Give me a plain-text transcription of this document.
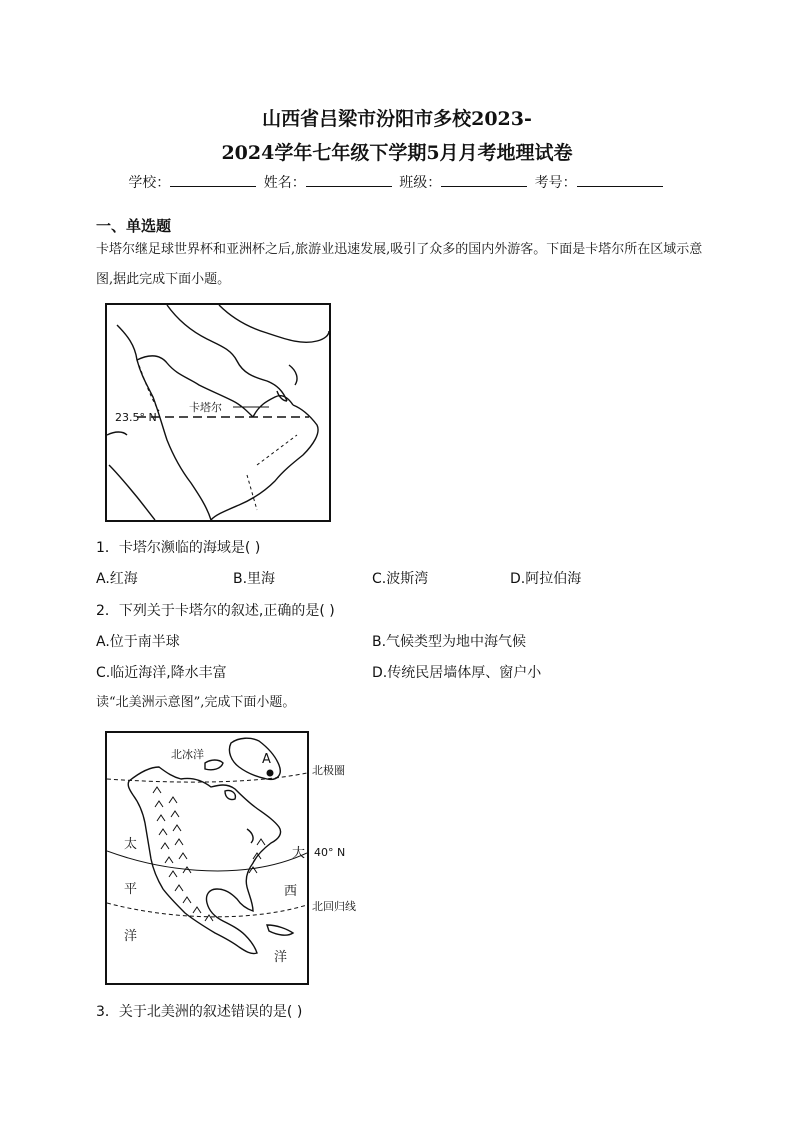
山西省吕梁市汾阳市多校2023-
2024学年七年级下学期5月月考地理试卷
学校：	姓名：	班级：	考号：
一、单选题
卡塔尔继足球世界杯和亚洲杯之后,旅游业迅速发展,吸引了众多的国内外游客。下面是卡塔尔所在区域示意图,据此完成下面小题。
卡塔尔
23.5° N
1．卡塔尔濒临的海域是( )
A.红海	B.里海	C.波斯湾	D.阿拉伯海
2．下列关于卡塔尔的叙述,正确的是( )
A.位于南半球	B.气候类型为地中海气候
C.临近海洋,降水丰富	D.传统民居墙体厚、窗户小
读“北美洲示意图”,完成下面小题。
北冰洋	A
北极圈
40° N
北回归线
太
平
洋
大
西
洋
3．关于北美洲的叙述错误的是( )
